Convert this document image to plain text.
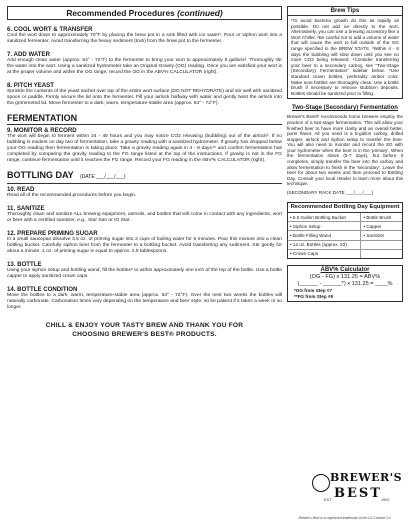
Recommended Procedures (continued)
6. COOL WORT & TRANSFER

Cool the wort down to approximately 70°F by placing the brew pot in a sink filled with ice water¹. Pour or siphon wort into a sanitized fermenter. Avoid transferring the heavy sediment (trub) from the brew pot to the fermenter.

7. ADD WATER

Add enough clean water (approx. 64° - 72°F) to the fermenter to bring your wort to approximately 5 gallons². Thoroughly stir the water into the wort. Using a sanitized hydrometer take an Original Gravity (OG) reading. Once you are satisfied your wort is at the proper volume and within the OG range, record the OG in the ABV% CALCULATOR (right).

8. PITCH YEAST

Sprinkle the contents of the yeast sachet over top of the entire wort surface (DO NOT REHYDRATE) and stir well with sanitized spoon or paddle. Firmly secure the lid onto the fermenter. Fill your airlock halfway with water and gently twist the airlock into the grommeted lid. Move fermenter to a dark, warm, temperature-stable area (approx. 64° - 72°F).

FERMENTATION
9. MONITOR & RECORD

The wort will begin to ferment within 24 - 48 hours and you may notice CO2 releasing (bubbling) out of the airlock³. If no bubbling is evident on day two of fermentation, take a gravity reading with a sanitized hydrometer. If gravity has dropped below your OG reading then fermentation is taking place. Take a gravity reading again in 4 - 6 days⁴⁵ and confirm fermentation has completed by comparing the gravity reading to the FG range listed at the top of the instructions. If gravity is not in the FG range, continue fermentation until it reaches the FG range. Record your FG reading in the ABV% CALCULATOR (right).

BOTTLING DAY (DATE ___/___/___)
10. READ

Read all of the recommended procedures before you begin.

11. SANITIZE

Thoroughly clean and sanitize ALL brewing equipment, utensils, and bottles that will come in contact with any ingredients, wort or beer with a certified sanitizer, e.g., Star San or IO Star.

12. PREPARE PRIMING SUGAR

In a small saucepan dissolve 3.5 oz. of priming sugar into 2 cups of boiling water for 5 minutes. Pour this mixture into a clean bottling bucket. Carefully siphon beer from the fermenter to a bottling bucket. Avoid transferring any sediment. Stir gently for about a minute. 1 oz. of priming sugar is equal to approx. 2.5 tablespoons.

13. BOTTLE

Using your siphon setup and bottling wand, fill the bottles⁶ to within approximately one inch of the top of the bottle. Use a bottle capper to apply sanitized crown caps.

14. BOTTLE CONDITION

Move the bottles to a dark, warm, temperature-stable area (approx. 64° - 72°F). Over the next two weeks the bottles will naturally carbonate. Carbonation times vary depending on the temperature and beer style, so be patient if it takes a week or so longer.

CHILL & ENJOY YOUR TASTY BREW AND THANK YOU FOR
CHOOSING BREWER'S BEST® PRODUCTS.
Brew Tips

¹To avoid bacteria growth do this as rapidly as possible. Do not add ice directly to the wort. Alternatively, you can use a brewing accessory like a Wort Chiller. ²Be careful not to add a volume of water that will cause the wort to fall outside of the OG range specified in the BREW STATS. ³Within 4 - 6 days the bubbling will slow down until you see no more CO2 being released. ⁴Consider transferring your beer to a secondary carboy, see "Two-Stage (Secondary) Fermentation" sidebar below. ⁵Use standard crown bottles, preferably amber color. Make sure bottles are thoroughly clean. Use a bottle brush if necessary to remove stubborn deposits. Bottles should be sanitized prior to filling.

Two-Stage (Secondary) Fermentation
Brewer's Best® recommends home brewers employ the practice of a two-stage fermentation. This will allow your finished beer to have more clarity and an overall better, purer flavor. All you need is a 5-gallon carboy, drilled stopper, airlock and siphon setup to transfer the beer. You will also need to monitor and record the SG with your hydrometer when the beer is in the 'primary'. When the fermentation slows (5-7 days), but before it completes, simply transfer the beer into the carboy and allow fermentation to finish in the 'secondary'. Leave the beer for about two weeks and then proceed to Bottling Day. Consult your local retailer to learn more about this technique.
(SECONDARY RACK DATE ___/___/___)
Recommended Bottling Day Equipment
• 6.5 Gallon Bottling Bucket	• Bottle Brush
• Siphon Setup	• Capper
• Bottle Filling Wand	• Sanitizer
• 12 oz. Bottles (approx. 53)	
• Crown Caps	
ABV% Calculator
(OG - FG) x 131.25 = ABV%
(______ - ______*) x 131.25 = ____%
*OG from Step #7
**FG from Step #9
BREWER'S
BEST
EST.	1992
Brewer's Best is a registered trademark of the LD Carlson Co.
